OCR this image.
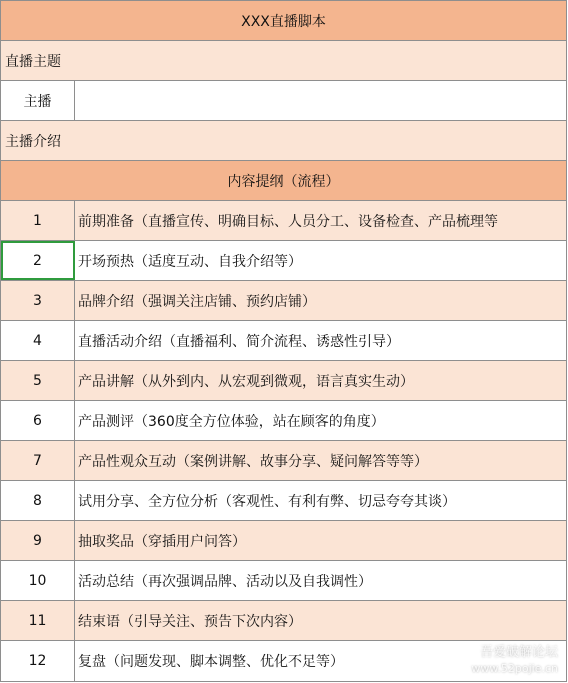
XXX直播脚本
直播主题
主播
主播介绍
内容提纲（流程）
1	前期准备（直播宣传、明确目标、人员分工、设备检查、产品梳理等
2	开场预热（适度互动、自我介绍等）
3	品牌介绍（强调关注店铺、预约店铺）
4	直播活动介绍（直播福利、简介流程、诱惑性引导）
5	产品讲解（从外到内、从宏观到微观，语言真实生动）
6	产品测评（360度全方位体验，站在顾客的角度）
7	产品性观众互动（案例讲解、故事分享、疑问解答等等）
8	试用分享、全方位分析（客观性、有利有弊、切忌夸夸其谈）
9	抽取奖品（穿插用户问答）
10	活动总结（再次强调品牌、活动以及自我调性）
11	结束语（引导关注、预告下次内容）
12	复盘（问题发现、脚本调整、优化不足等）
吾爱破解论坛
www.52pojie.cn
